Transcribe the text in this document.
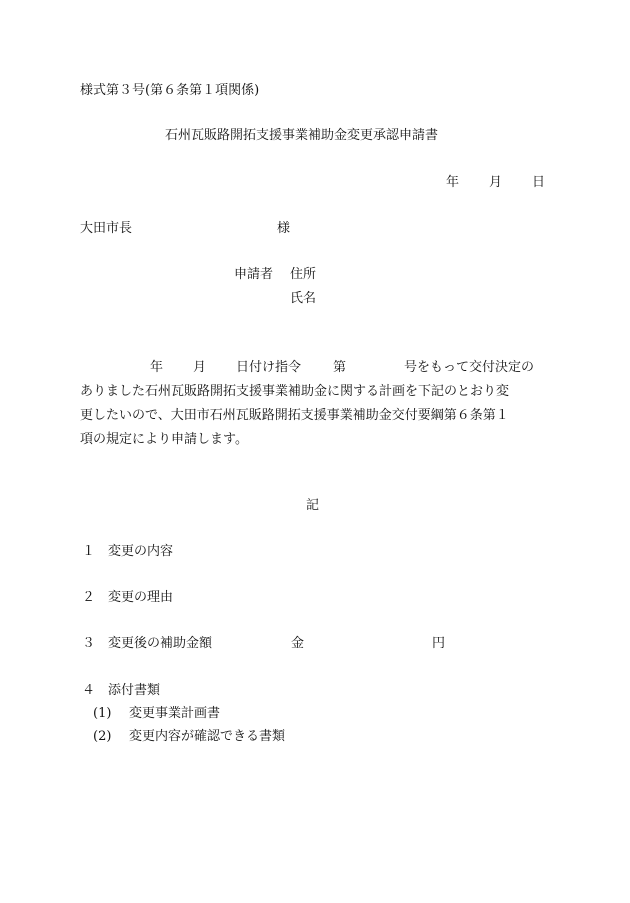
様式第３号(第６条第１項関係)
石州瓦販路開拓支援事業補助金変更承認申請書
年 月 日
大田市長	様
申請者 住所
氏名
年 月 日付け指令 第	号をもって交付決定の
ありました石州瓦販路開拓支援事業補助金に関する計画を下記のとおり変
更したいので、大田市石州瓦販路開拓支援事業補助金交付要綱第６条第１
項の規定により申請します。
記
１ 変更の内容
２ 変更の理由
３ 変更後の補助金額	金	円
４ 添付書類
(1) 変更事業計画書
(2) 変更内容が確認できる書類
